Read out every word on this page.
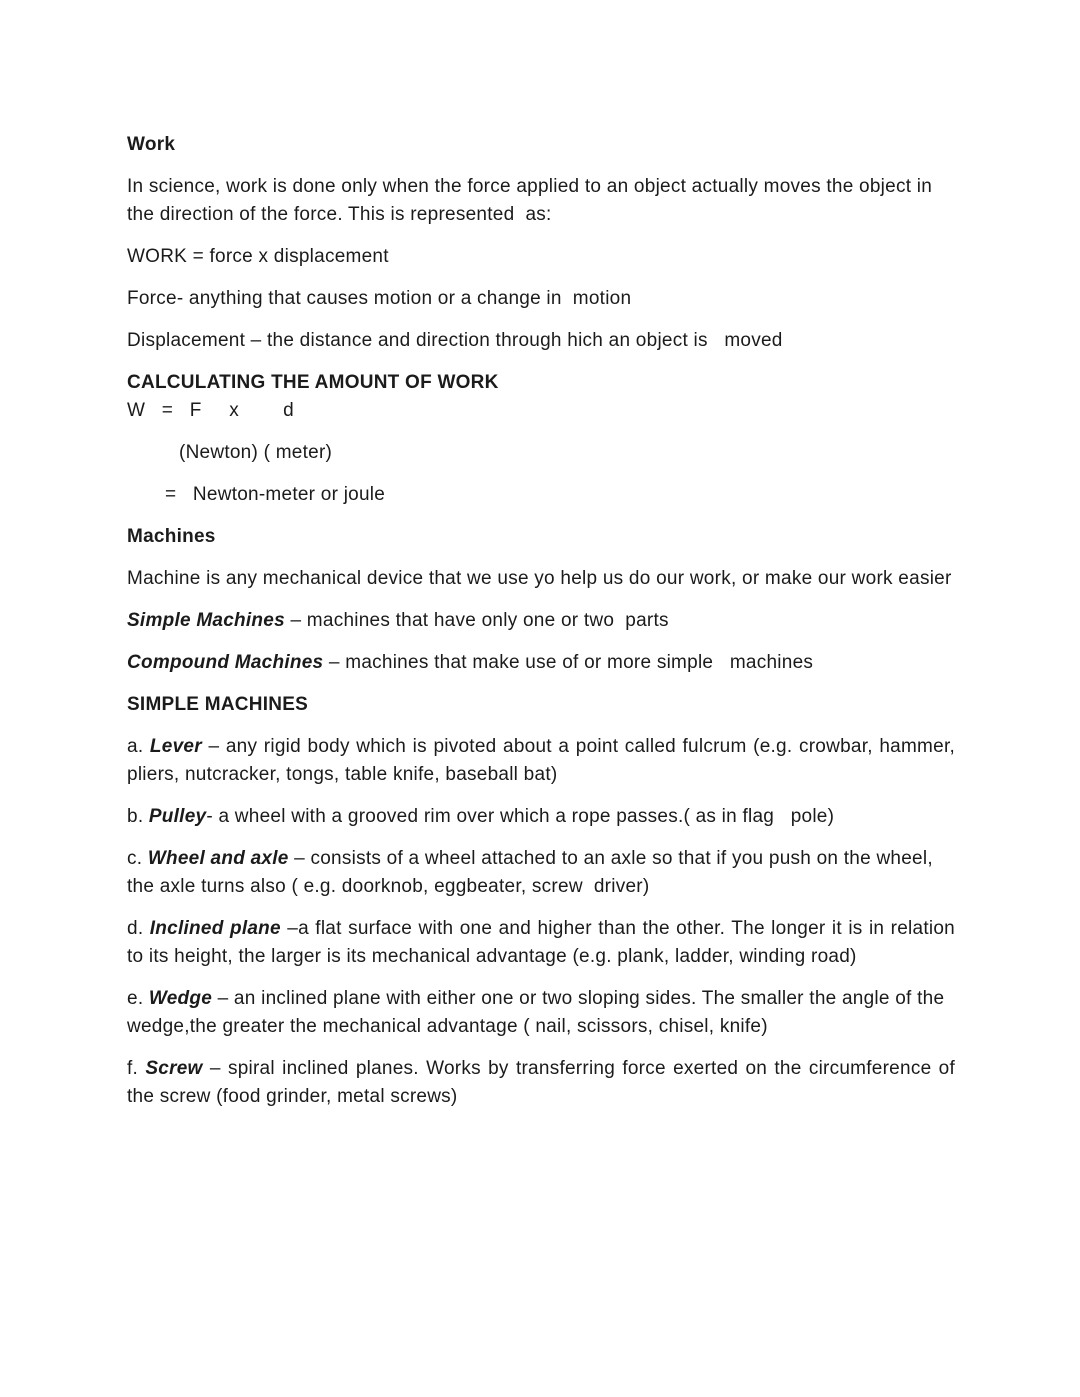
Work

In science, work is done only when the force applied to an object actually moves the object in the direction of the force. This is represented  as:

WORK = force x displacement

Force- anything that causes motion or a change in  motion

Displacement – the distance and direction through hich an object is   moved

CALCULATING THE AMOUNT OF WORK

W   =   F     x        d

(Newton) ( meter)

=   Newton-meter or joule

Machines

Machine is any mechanical device that we use yo help us do our work, or make our work easier

Simple Machines – machines that have only one or two  parts

Compound Machines – machines that make use of or more simple   machines

SIMPLE MACHINES

a. Lever – any rigid body which is pivoted about a point called fulcrum (e.g. crowbar, hammer, pliers, nutcracker, tongs, table knife, baseball bat)

b. Pulley- a wheel with a grooved rim over which a rope passes.( as in flag   pole)

c. Wheel and axle – consists of a wheel attached to an axle so that if you push on the wheel, the axle turns also ( e.g. doorknob, eggbeater, screw  driver)

d. Inclined plane –a flat surface with one and higher than the other. The longer it is in relation to its height, the larger is its mechanical advantage (e.g. plank, ladder, winding road)

e. Wedge – an inclined plane with either one or two sloping sides. The smaller the angle of the wedge,the greater the mechanical advantage ( nail, scissors, chisel, knife)

f. Screw – spiral inclined planes. Works by transferring force exerted on the circumference of the screw (food grinder, metal screws)
